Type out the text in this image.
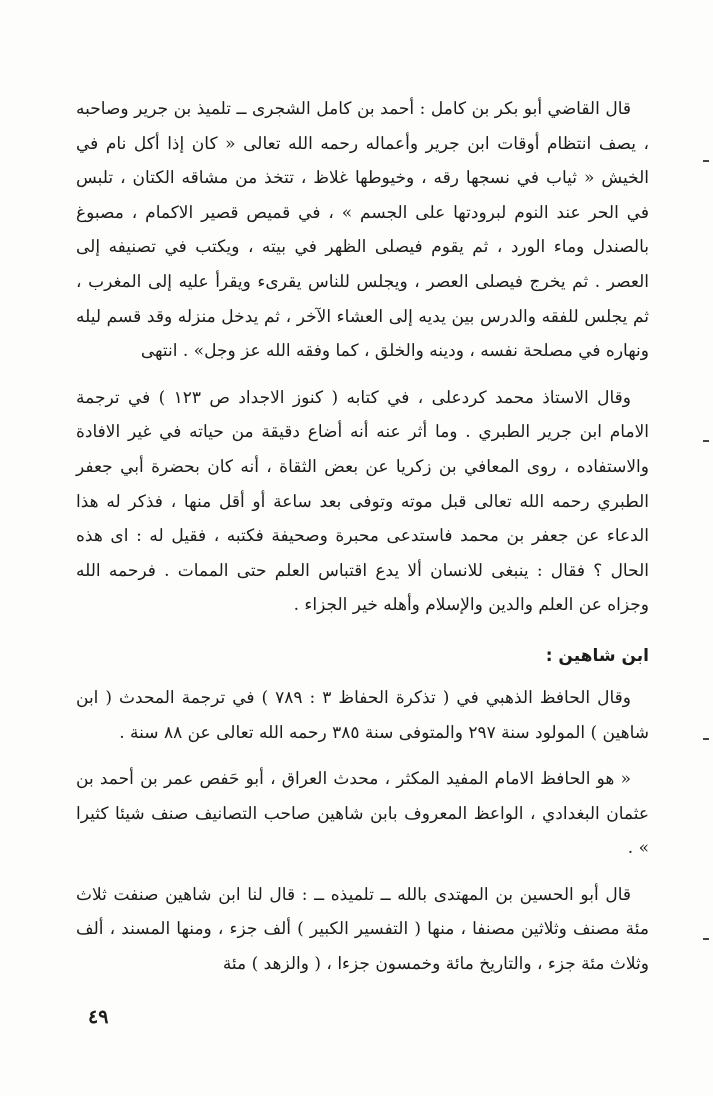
قال القاضي أبو بكر بن كامل : أحمد بن كامل الشجرى ــ تلميذ بن جرير وصاحبه ، يصف انتظام أوقات ابن جرير وأعماله رحمه الله تعالى « كان إذا أكل نام في الخيش « ثياب في نسجها رقه ، وخيوطها غلاظ ، تتخذ من مشاقه الكتان ، تلبس في الحر عند النوم لبرودتها على الجسم » ، في قميص قصير الاكمام ، مصبوغ بالصندل وماء الورد ، ثم يقوم فيصلى الظهر في بيته ، ويكتب في تصنيفه إلى العصر . ثم يخرج فيصلى العصر ، ويجلس للناس يقرىء ويقرأ عليه إلى المغرب ، ثم يجلس للفقه والدرس بين يديه إلى العشاء الآخر ، ثم يدخل منزله وقد قسم ليله ونهاره في مصلحة نفسه ، ودينه والخلق ، كما وفقه الله عز وجل» . انتهى

وقال الاستاذ محمد كردعلى ، في كتابه ( كنوز الاجداد ص ١٢٣ ) في ترجمة الامام ابن جرير الطبري . وما أثر عنه أنه أضاع دقيقة من حياته في غير الافادة والاستفاده ، روى المعافي بن زكريا عن بعض الثقاة ، أنه كان بحضرة أبي جعفر الطبري رحمه الله تعالى قبل موته وتوفى بعد ساعة أو أقل منها ، فذكر له هذا الدعاء عن جعفر بن محمد فاستدعى محبرة وصحيفة فكتبه ، فقيل له : اى هذه الحال ؟ فقال : ينبغى للانسان ألا يدع اقتباس العلم حتى الممات . فرحمه الله وجزاه عن العلم والدين والإسلام وأهله خير الجزاء .

ابن شاهين :

وقال الحافظ الذهبي في ( تذكرة الحفاظ ٣ : ٧٨٩ ) في ترجمة المحدث ( ابن شاهين ) المولود سنة ٢٩٧ والمتوفى سنة ٣٨٥ رحمه الله تعالى عن ٨٨ سنة .

« هو الحافظ الامام المفيد المكثر ، محدث العراق ، أبو حَفص عمر بن أحمد بن عثمان البغدادي ، الواعظ المعروف بابن شاهين صاحب التصانيف صنف شيئا كثيرا » .

قال أبو الحسين بن المهتدى بالله ــ تلميذه ــ : قال لنا ابن شاهين صنفت ثلاث مئة مصنف وثلاثين مصنفا ، منها ( التفسير الكبير ) ألف جزء ، ومنها المسند ، ألف وثلاث مئة جزء ، والتاريخ مائة وخمسون جزءا ، ( والزهد ) مئة

٤٩
